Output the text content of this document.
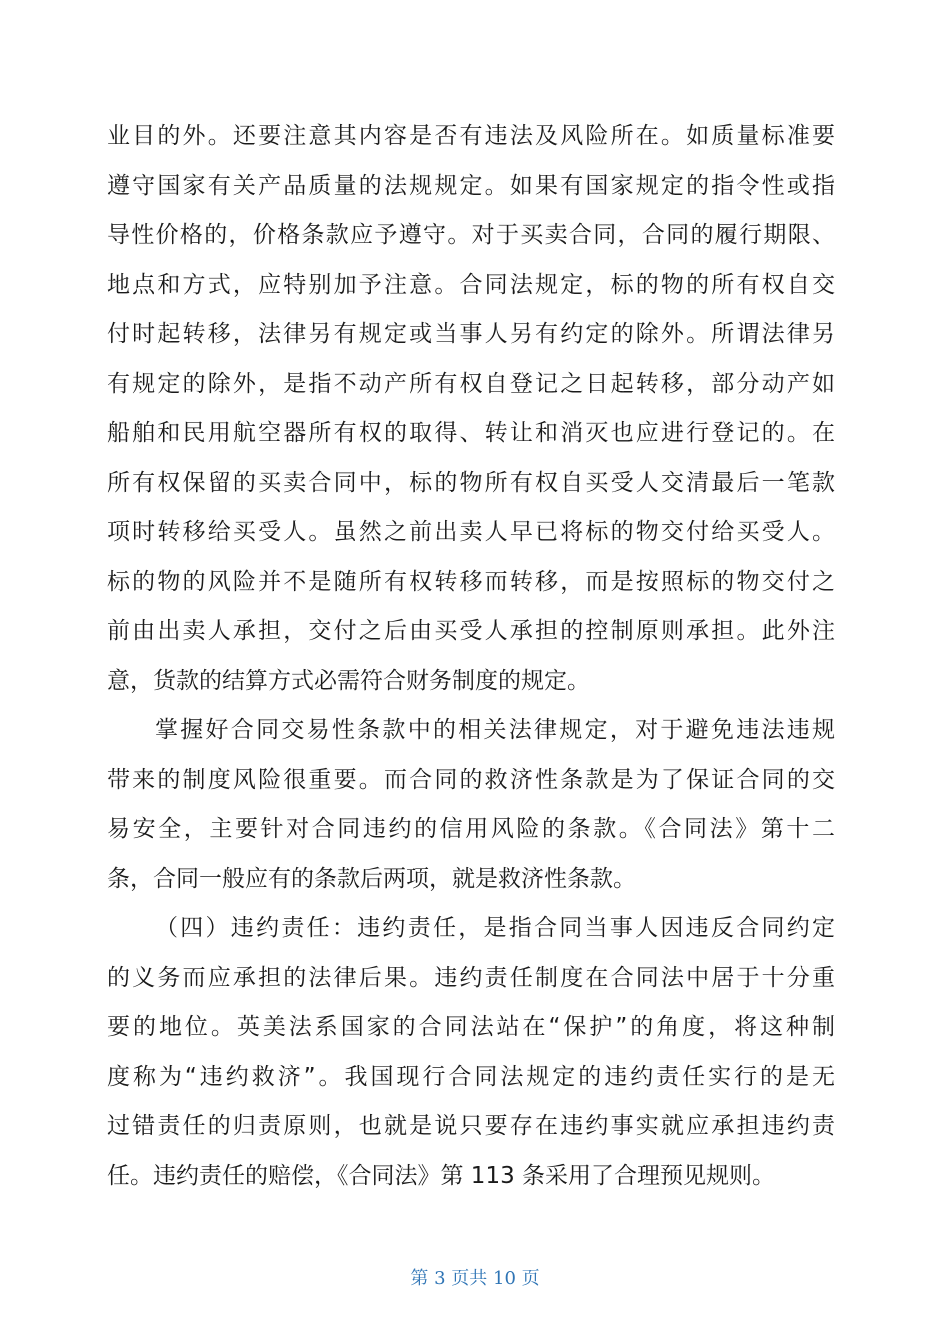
业目的外。还要注意其内容是否有违法及风险所在。如质量标准要
遵守国家有关产品质量的法规规定。如果有国家规定的指令性或指
导性价格的，价格条款应予遵守。对于买卖合同，合同的履行期限、
地点和方式，应特别加予注意。合同法规定，标的物的所有权自交
付时起转移，法律另有规定或当事人另有约定的除外。所谓法律另
有规定的除外，是指不动产所有权自登记之日起转移，部分动产如
船舶和民用航空器所有权的取得、转让和消灭也应进行登记的。在
所有权保留的买卖合同中，标的物所有权自买受人交清最后一笔款
项时转移给买受人。虽然之前出卖人早已将标的物交付给买受人。
标的物的风险并不是随所有权转移而转移，而是按照标的物交付之
前由出卖人承担，交付之后由买受人承担的控制原则承担。此外注
意，货款的结算方式必需符合财务制度的规定。
掌握好合同交易性条款中的相关法律规定，对于避免违法违规
带来的制度风险很重要。而合同的救济性条款是为了保证合同的交
易安全，主要针对合同违约的信用风险的条款。《合同法》第十二
条，合同一般应有的条款后两项，就是救济性条款。
（四）违约责任：违约责任，是指合同当事人因违反合同约定
的义务而应承担的法律后果。违约责任制度在合同法中居于十分重
要的地位。英美法系国家的合同法站在“保护”的角度，将这种制
度称为“违约救济”。我国现行合同法规定的违约责任实行的是无
过错责任的归责原则，也就是说只要存在违约事实就应承担违约责
任。违约责任的赔偿，《合同法》第 113 条采用了合理预见规则。
第 3 页共 10 页
